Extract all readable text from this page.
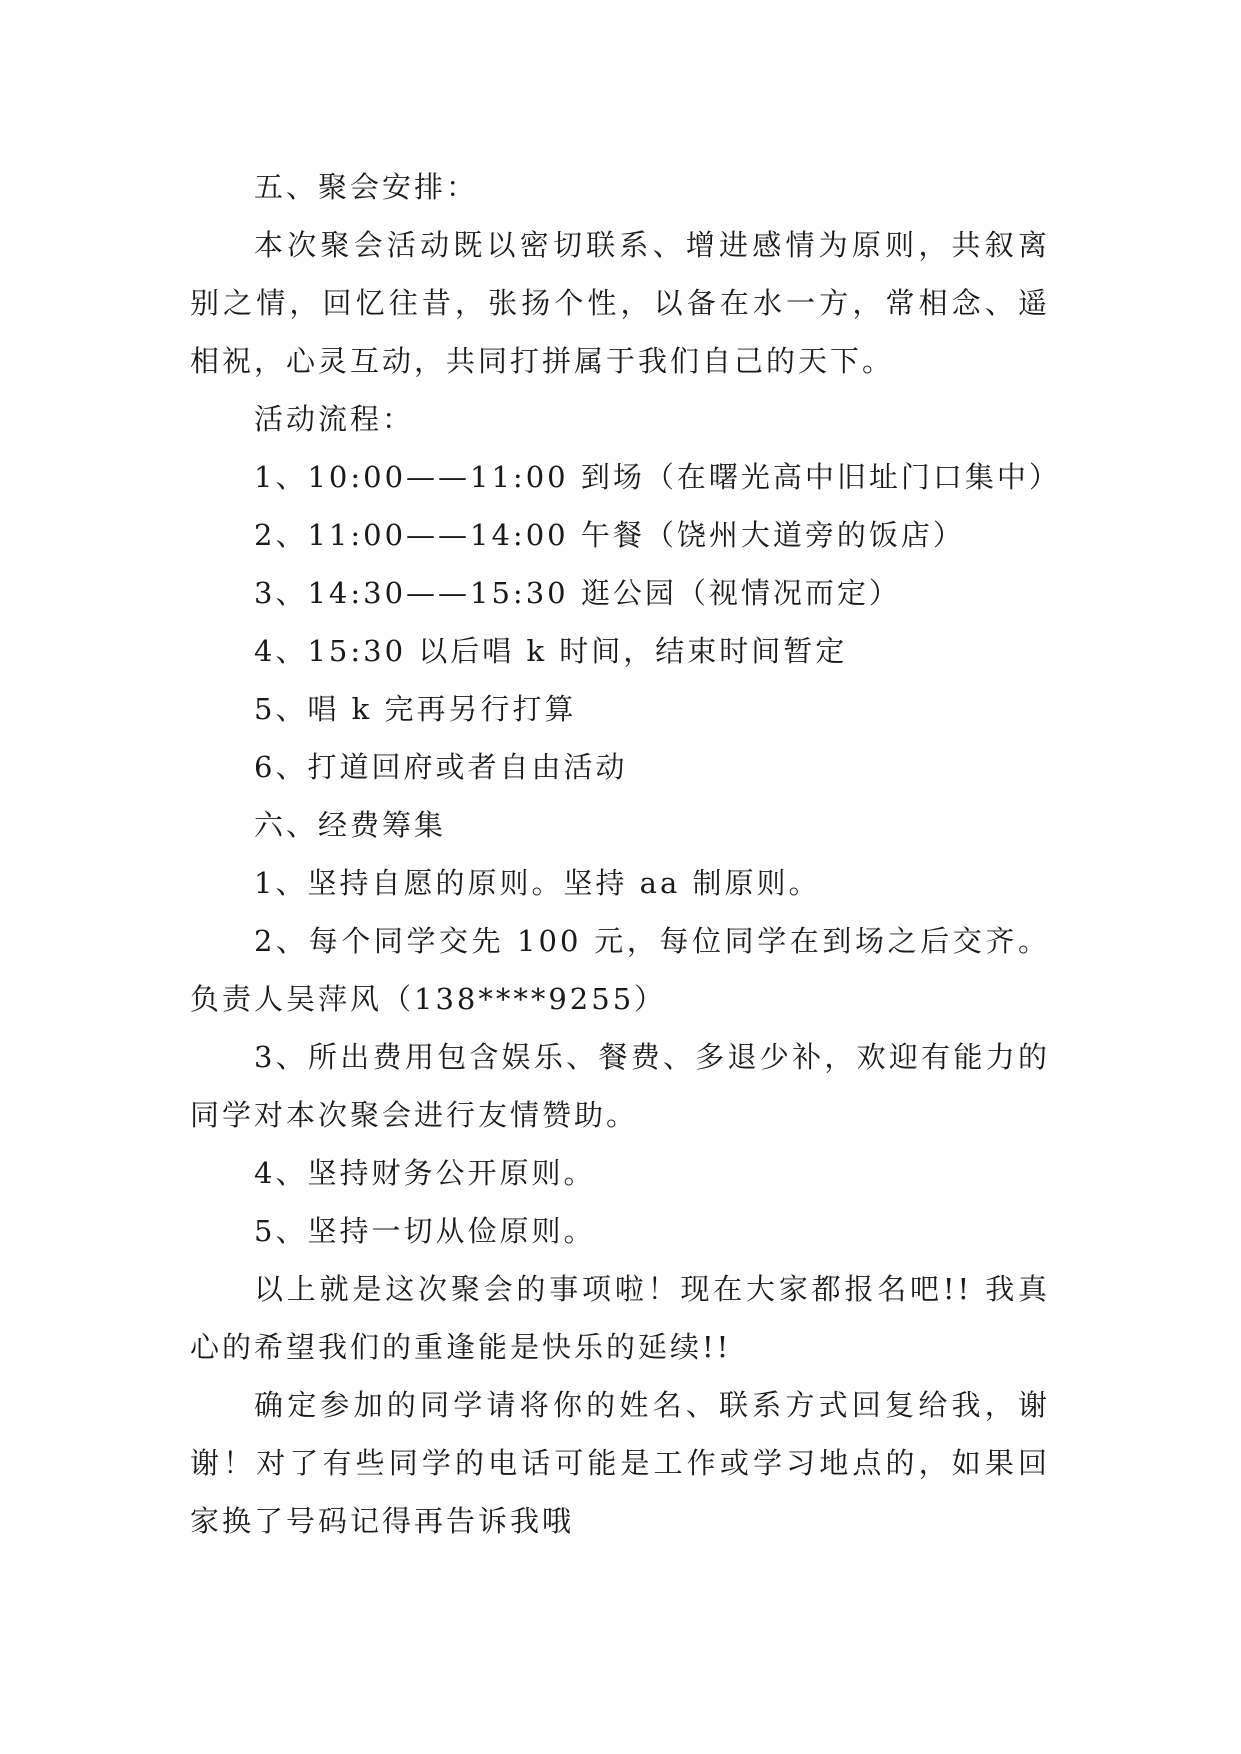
五、聚会安排：

本次聚会活动既以密切联系、增进感情为原则，共叙离别之情，回忆往昔，张扬个性，以备在水一方，常相念、遥相祝，心灵互动，共同打拼属于我们自己的天下。

活动流程：

1、10:00——11:00 到场（在曙光高中旧址门口集中）

2、11:00——14:00 午餐（饶州大道旁的饭店）

3、14:30——15:30 逛公园（视情况而定）

4、15:30 以后唱 k 时间，结束时间暂定

5、唱 k 完再另行打算

6、打道回府或者自由活动

六、经费筹集

1、坚持自愿的原则。坚持 aa 制原则。

2、每个同学交先 100 元，每位同学在到场之后交齐。负责人吴萍风（138****9255）

3、所出费用包含娱乐、餐费、多退少补，欢迎有能力的同学对本次聚会进行友情赞助。

4、坚持财务公开原则。

5、坚持一切从俭原则。

以上就是这次聚会的事项啦！现在大家都报名吧!! 我真心的希望我们的重逢能是快乐的延续!!

确定参加的同学请将你的姓名、联系方式回复给我，谢谢！对了有些同学的电话可能是工作或学习地点的，如果回家换了号码记得再告诉我哦
